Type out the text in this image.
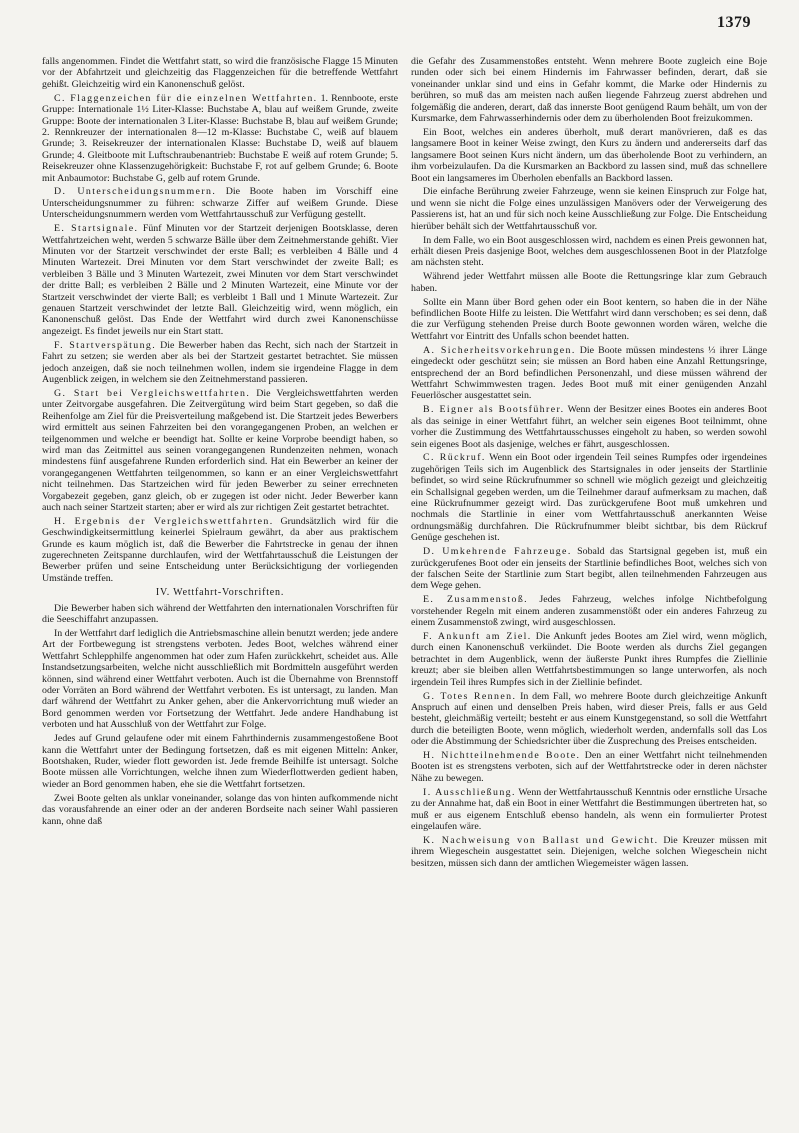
1379

falls angenommen. Findet die Wettfahrt statt, so wird die französische Flagge 15 Minuten vor der Abfahrtzeit und gleichzeitig das Flaggenzeichen für die betreffende Wettfahrt gehißt. Gleichzeitig wird ein Kanonenschuß gelöst.

C. Flaggenzeichen für die einzelnen Wettfahrten. 1. Rennboote, erste Gruppe: Internationale 1½ Liter-Klasse: Buchstabe A, blau auf weißem Grunde, zweite Gruppe: Boote der internationalen 3 Liter-Klasse: Buchstabe B, blau auf weißem Grunde; 2. Rennkreuzer der internationalen 8—12 m-Klasse: Buchstabe C, weiß auf blauem Grunde; 3. Reisekreuzer der internationalen Klasse: Buchstabe D, weiß auf blauem Grunde; 4. Gleitboote mit Luftschraubenantrieb: Buchstabe E weiß auf rotem Grunde; 5. Reisekreuzer ohne Klassenzugehörigkeit: Buchstabe F, rot auf gelbem Grunde; 6. Boote mit Anbaumotor: Buchstabe G, gelb auf rotem Grunde.

D. Unterscheidungsnummern. Die Boote haben im Vorschiff eine Unterscheidungsnummer zu führen: schwarze Ziffer auf weißem Grunde. Diese Unterscheidungsnummern werden vom Wettfahrtausschuß zur Verfügung gestellt.

E. Startsignale. Fünf Minuten vor der Startzeit derjenigen Bootsklasse, deren Wettfahrtzeichen weht, werden 5 schwarze Bälle über dem Zeitnehmerstande gehißt. Vier Minuten vor der Startzeit verschwindet der erste Ball; es verbleiben 4 Bälle und 4 Minuten Wartezeit. Drei Minuten vor dem Start verschwindet der zweite Ball; es verbleiben 3 Bälle und 3 Minuten Wartezeit, zwei Minuten vor dem Start verschwindet der dritte Ball; es verbleiben 2 Bälle und 2 Minuten Wartezeit, eine Minute vor der Startzeit verschwindet der vierte Ball; es verbleibt 1 Ball und 1 Minute Wartezeit. Zur genauen Startzeit verschwindet der letzte Ball. Gleichzeitig wird, wenn möglich, ein Kanonenschuß gelöst. Das Ende der Wettfahrt wird durch zwei Kanonenschüsse angezeigt. Es findet jeweils nur ein Start statt.

F. Startverspätung. Die Bewerber haben das Recht, sich nach der Startzeit in Fahrt zu setzen; sie werden aber als bei der Startzeit gestartet betrachtet. Sie müssen jedoch anzeigen, daß sie noch teilnehmen wollen, indem sie irgendeine Flagge in dem Augenblick zeigen, in welchem sie den Zeitnehmerstand passieren.

G. Start bei Vergleichswettfahrten. Die Vergleichswettfahrten werden unter Zeitvorgabe ausgefahren. Die Zeitvergütung wird beim Start gegeben, so daß die Reihenfolge am Ziel für die Preisverteilung maßgebend ist. Die Startzeit jedes Bewerbers wird ermittelt aus seinen Fahrzeiten bei den vorangegangenen Proben, an welchen er teilgenommen und welche er beendigt hat. Sollte er keine Vorprobe beendigt haben, so wird man das Zeitmittel aus seinen vorangegangenen Rundenzeiten nehmen, wonach mindestens fünf ausgefahrene Runden erforderlich sind. Hat ein Bewerber an keiner der vorangegangenen Wettfahrten teilgenommen, so kann er an einer Vergleichswettfahrt nicht teilnehmen. Das Startzeichen wird für jeden Bewerber zu seiner errechneten Vorgabezeit gegeben, ganz gleich, ob er zugegen ist oder nicht. Jeder Bewerber kann auch nach seiner Startzeit starten; aber er wird als zur richtigen Zeit gestartet betrachtet.

H. Ergebnis der Vergleichswettfahrten. Grundsätzlich wird für die Geschwindigkeitsermittlung keinerlei Spielraum gewährt, da aber aus praktischem Grunde es kaum möglich ist, daß die Bewerber die Fahrtstrecke in genau der ihnen zugerechneten Zeitspanne durchlaufen, wird der Wettfahrtausschuß die Leistungen der Bewerber prüfen und seine Entscheidung unter Berücksichtigung der vorliegenden Umstände treffen.

IV. Wettfahrt-Vorschriften.

Die Bewerber haben sich während der Wettfahrten den internationalen Vorschriften für die Seeschiffahrt anzupassen.

In der Wettfahrt darf lediglich die Antriebsmaschine allein benutzt werden; jede andere Art der Fortbewegung ist strengstens verboten. Jedes Boot, welches während einer Wettfahrt Schlepphilfe angenommen hat oder zum Hafen zurückkehrt, scheidet aus. Alle Instandsetzungsarbeiten, welche nicht ausschließlich mit Bordmitteln ausgeführt werden können, sind während einer Wettfahrt verboten. Auch ist die Übernahme von Brennstoff oder Vorräten an Bord während der Wettfahrt verboten. Es ist untersagt, zu landen. Man darf während der Wettfahrt zu Anker gehen, aber die Ankervorrichtung muß wieder an Bord genommen werden vor Fortsetzung der Wettfahrt. Jede andere Handhabung ist verboten und hat Ausschluß von der Wettfahrt zur Folge.

Jedes auf Grund gelaufene oder mit einem Fahrthindernis zusammengestoßene Boot kann die Wettfahrt unter der Bedingung fortsetzen, daß es mit eigenen Mitteln: Anker, Bootshaken, Ruder, wieder flott geworden ist. Jede fremde Beihilfe ist untersagt. Solche Boote müssen alle Vorrichtungen, welche ihnen zum Wiederflottwerden gedient haben, wieder an Bord genommen haben, ehe sie die Wettfahrt fortsetzen.

Zwei Boote gelten als unklar voneinander, solange das von hinten aufkommende nicht das vorausfahrende an einer oder an der anderen Bordseite nach seiner Wahl passieren kann, ohne daß

die Gefahr des Zusammenstoßes entsteht. Wenn mehrere Boote zugleich eine Boje runden oder sich bei einem Hindernis im Fahrwasser befinden, derart, daß sie voneinander unklar sind und eins in Gefahr kommt, die Marke oder Hindernis zu berühren, so muß das am meisten nach außen liegende Fahrzeug zuerst abdrehen und folgemäßig die anderen, derart, daß das innerste Boot genügend Raum behält, um von der Kursmarke, dem Fahrwasserhindernis oder dem zu überholenden Boot freizukommen.

Ein Boot, welches ein anderes überholt, muß derart manövrieren, daß es das langsamere Boot in keiner Weise zwingt, den Kurs zu ändern und andererseits darf das langsamere Boot seinen Kurs nicht ändern, um das überholende Boot zu verhindern, an ihm vorbeizulaufen. Da die Kursmarken an Backbord zu lassen sind, muß das schnellere Boot ein langsameres im Überholen ebenfalls an Backbord lassen.

Die einfache Berührung zweier Fahrzeuge, wenn sie keinen Einspruch zur Folge hat, und wenn sie nicht die Folge eines unzulässigen Manövers oder der Verweigerung des Passierens ist, hat an und für sich noch keine Ausschließung zur Folge. Die Entscheidung hierüber behält sich der Wettfahrtausschuß vor.

In dem Falle, wo ein Boot ausgeschlossen wird, nachdem es einen Preis gewonnen hat, erhält diesen Preis dasjenige Boot, welches dem ausgeschlossenen Boot in der Platzfolge am nächsten steht.

Während jeder Wettfahrt müssen alle Boote die Rettungsringe klar zum Gebrauch haben.

Sollte ein Mann über Bord gehen oder ein Boot kentern, so haben die in der Nähe befindlichen Boote Hilfe zu leisten. Die Wettfahrt wird dann verschoben; es sei denn, daß die zur Verfügung stehenden Preise durch Boote gewonnen worden wären, welche die Wettfahrt vor Eintritt des Unfalls schon beendet hatten.

A. Sicherheitsvorkehrungen. Die Boote müssen mindestens ⅓ ihrer Länge eingedeckt oder geschützt sein; sie müssen an Bord haben eine Anzahl Rettungsringe, entsprechend der an Bord befindlichen Personenzahl, und diese müssen während der Wettfahrt Schwimmwesten tragen. Jedes Boot muß mit einer genügenden Anzahl Feuerlöscher ausgestattet sein.

B. Eigner als Bootsführer. Wenn der Besitzer eines Bootes ein anderes Boot als das seinige in einer Wettfahrt führt, an welcher sein eigenes Boot teilnimmt, ohne vorher die Zustimmung des Wettfahrtausschusses eingeholt zu haben, so werden sowohl sein eigenes Boot als dasjenige, welches er fährt, ausgeschlossen.

C. Rückruf. Wenn ein Boot oder irgendein Teil seines Rumpfes oder irgendeines zugehörigen Teils sich im Augenblick des Startsignales in oder jenseits der Startlinie befindet, so wird seine Rückrufnummer so schnell wie möglich gezeigt und gleichzeitig ein Schallsignal gegeben werden, um die Teilnehmer darauf aufmerksam zu machen, daß eine Rückrufnummer gezeigt wird. Das zurückgerufene Boot muß umkehren und nochmals die Startlinie in einer vom Wettfahrtausschuß anerkannten Weise ordnungsmäßig durchfahren. Die Rückrufnummer bleibt sichtbar, bis dem Rückruf Genüge geschehen ist.

D. Umkehrende Fahrzeuge. Sobald das Startsignal gegeben ist, muß ein zurückgerufenes Boot oder ein jenseits der Startlinie befindliches Boot, welches sich von der falschen Seite der Startlinie zum Start begibt, allen teilnehmenden Fahrzeugen aus dem Wege gehen.

E. Zusammenstoß. Jedes Fahrzeug, welches infolge Nichtbefolgung vorstehender Regeln mit einem anderen zusammenstößt oder ein anderes Fahrzeug zu einem Zusammenstoß zwingt, wird ausgeschlossen.

F. Ankunft am Ziel. Die Ankunft jedes Bootes am Ziel wird, wenn möglich, durch einen Kanonenschuß verkündet. Die Boote werden als durchs Ziel gegangen betrachtet in dem Augenblick, wenn der äußerste Punkt ihres Rumpfes die Ziellinie kreuzt; aber sie bleiben allen Wettfahrtsbestimmungen so lange unterworfen, als noch irgendein Teil ihres Rumpfes sich in der Ziellinie befindet.

G. Totes Rennen. In dem Fall, wo mehrere Boote durch gleichzeitige Ankunft Anspruch auf einen und denselben Preis haben, wird dieser Preis, falls er aus Geld besteht, gleichmäßig verteilt; besteht er aus einem Kunstgegenstand, so soll die Wettfahrt durch die beteiligten Boote, wenn möglich, wiederholt werden, andernfalls soll das Los oder die Abstimmung der Schiedsrichter über die Zusprechung des Preises entscheiden.

H. Nichtteilnehmende Boote. Den an einer Wettfahrt nicht teilnehmenden Booten ist es strengstens verboten, sich auf der Wettfahrtstrecke oder in deren nächster Nähe zu bewegen.

I. Ausschließung. Wenn der Wettfahrtausschuß Kenntnis oder ernstliche Ursache zu der Annahme hat, daß ein Boot in einer Wettfahrt die Bestimmungen übertreten hat, so muß er aus eigenem Entschluß ebenso handeln, als wenn ein formulierter Protest eingelaufen wäre.

K. Nachweisung von Ballast und Gewicht. Die Kreuzer müssen mit ihrem Wiegeschein ausgestattet sein. Diejenigen, welche solchen Wiegeschein nicht besitzen, müssen sich dann der amtlichen Wiegemeister wägen lassen.
